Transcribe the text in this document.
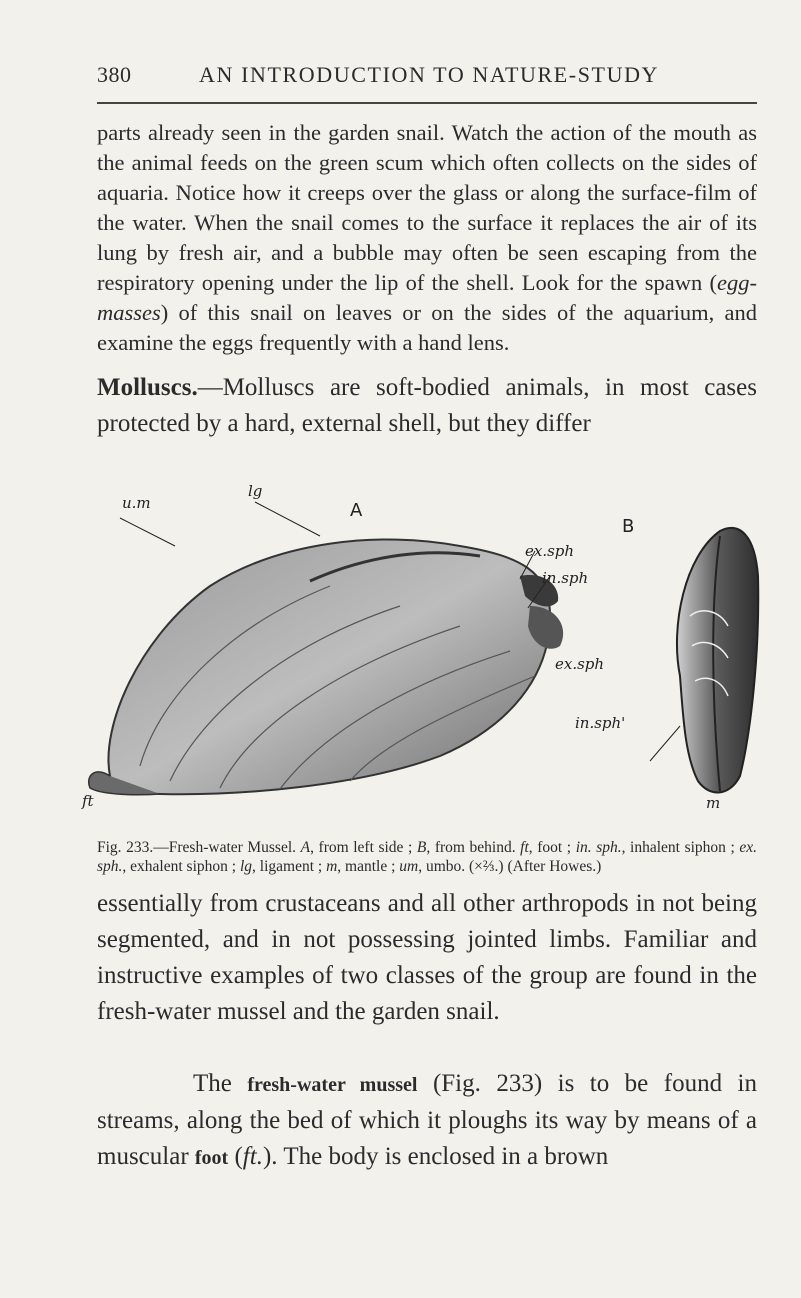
380	AN INTRODUCTION TO NATURE-STUDY

parts already seen in the garden snail. Watch the action of the mouth as the animal feeds on the green scum which often collects on the sides of aquaria. Notice how it creeps over the glass or along the surface-film of the water. When the snail comes to the surface it replaces the air of its lung by fresh air, and a bubble may often be seen escaping from the respiratory opening under the lip of the shell. Look for the spawn (egg-masses) of this snail on leaves or on the sides of the aquarium, and examine the eggs frequently with a hand lens.

Molluscs.—Molluscs are soft-bodied animals, in most cases protected by a hard, external shell, but they differ

u.m
lg
A
B
ex.sph
in.sph
ex.sph
in.sph'
ft	m

Fig. 233.—Fresh-water Mussel. A, from left side ; B, from behind. ft, foot ; in. sph., inhalent siphon ; ex. sph., exhalent siphon ; lg, ligament ; m, mantle ; um, umbo. (×⅔.) (After Howes.)

essentially from crustaceans and all other arthropods in not being segmented, and in not possessing jointed limbs. Familiar and instructive examples of two classes of the group are found in the fresh-water mussel and the garden snail.

The fresh-water mussel (Fig. 233) is to be found in streams, along the bed of which it ploughs its way by means of a muscular foot (ft.). The body is enclosed in a brown
